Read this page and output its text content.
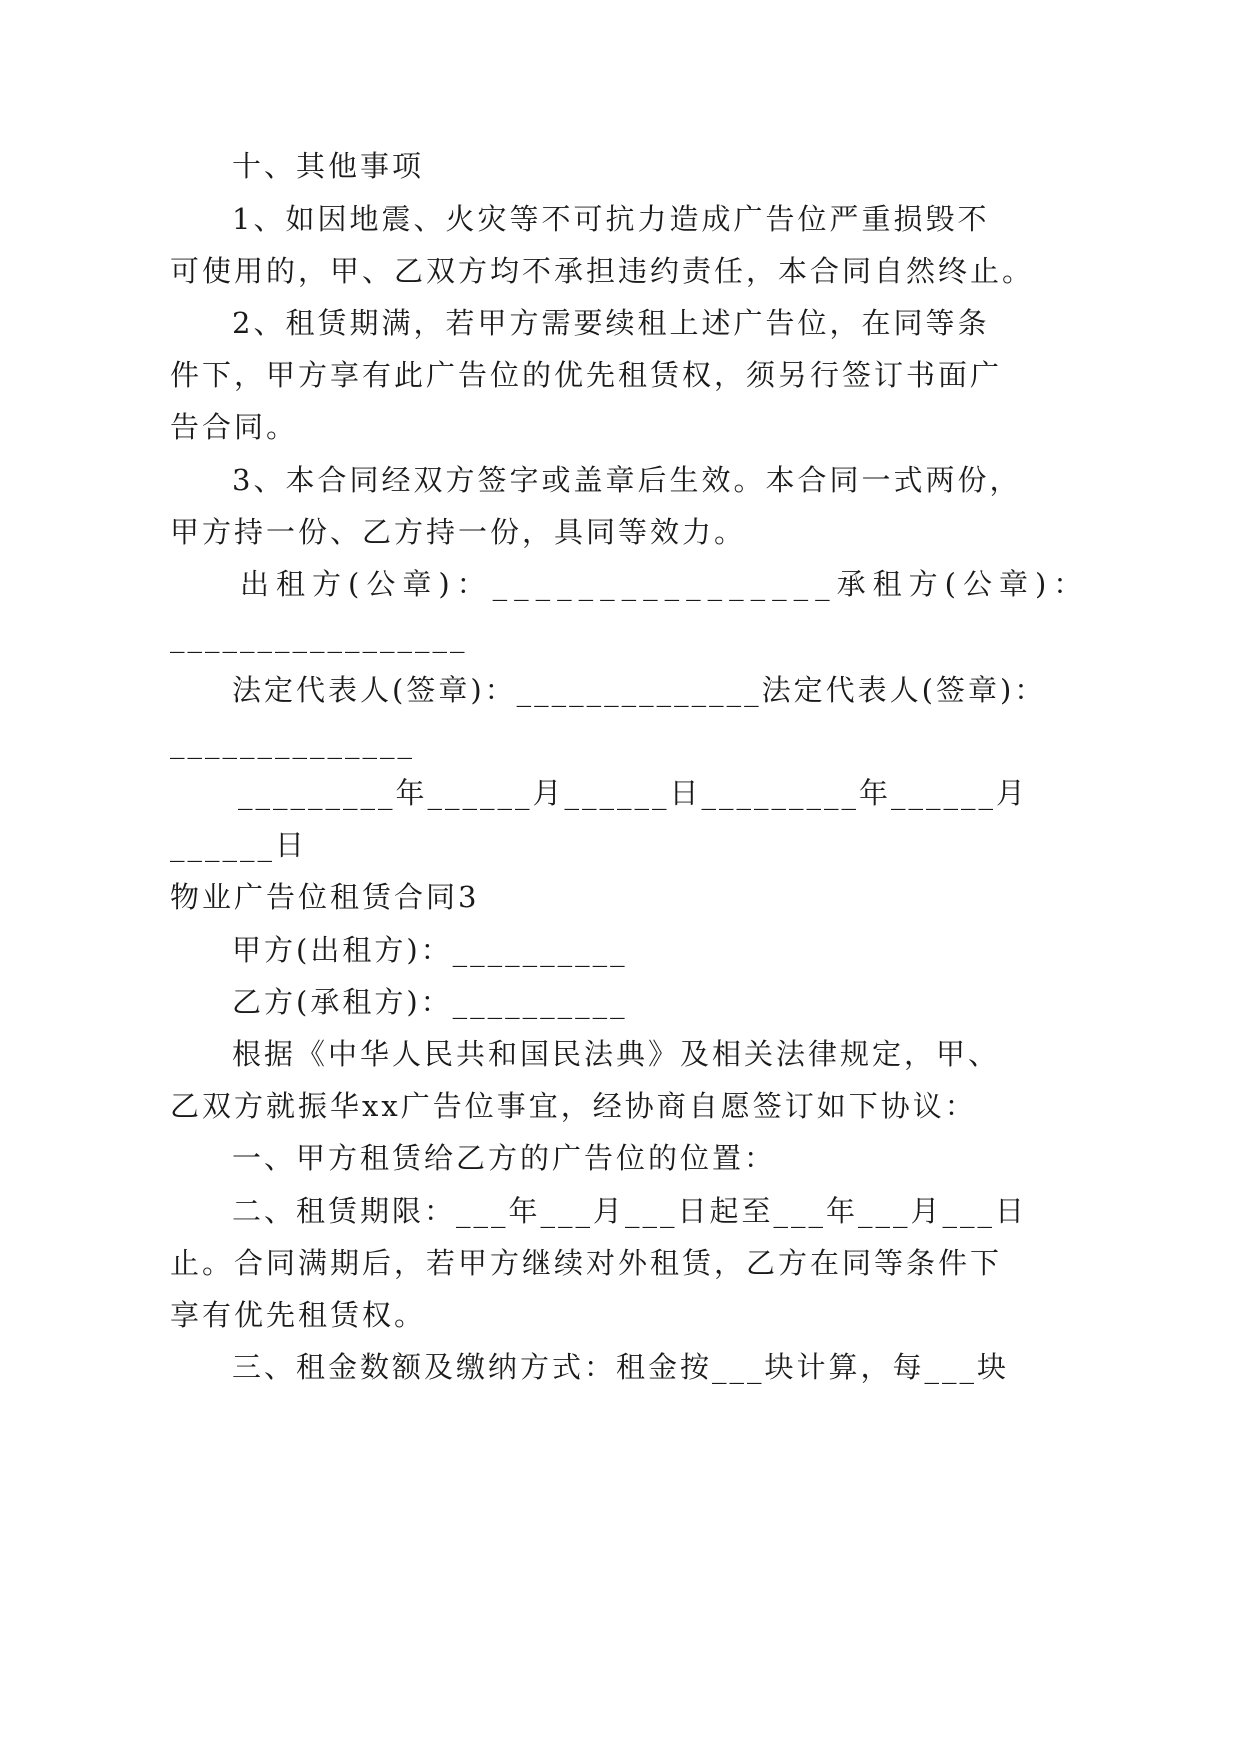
十、其他事项
1、如因地震、火灾等不可抗力造成广告位严重损毁不
可使用的，甲、乙双方均不承担违约责任，本合同自然终止。
2、租赁期满，若甲方需要续租上述广告位，在同等条
件下，甲方享有此广告位的优先租赁权，须另行签订书面广
告合同。
3、本合同经双方签字或盖章后生效。本合同一式两份，
甲方持一份、乙方持一份，具同等效力。
出租方(公章)：________________承租方(公章)：
_________________
法定代表人(签章)：______________法定代表人(签章)：
______________
_________年______月______日_________年______月
______日
物业广告位租赁合同3
甲方(出租方)：__________
乙方(承租方)：__________
根据《中华人民共和国民法典》及相关法律规定，甲、
乙双方就振华xx广告位事宜，经协商自愿签订如下协议：
一、甲方租赁给乙方的广告位的位置：
二、租赁期限：___年___月___日起至___年___月___日
止。合同满期后，若甲方继续对外租赁，乙方在同等条件下
享有优先租赁权。
三、租金数额及缴纳方式：租金按___块计算，每___块
